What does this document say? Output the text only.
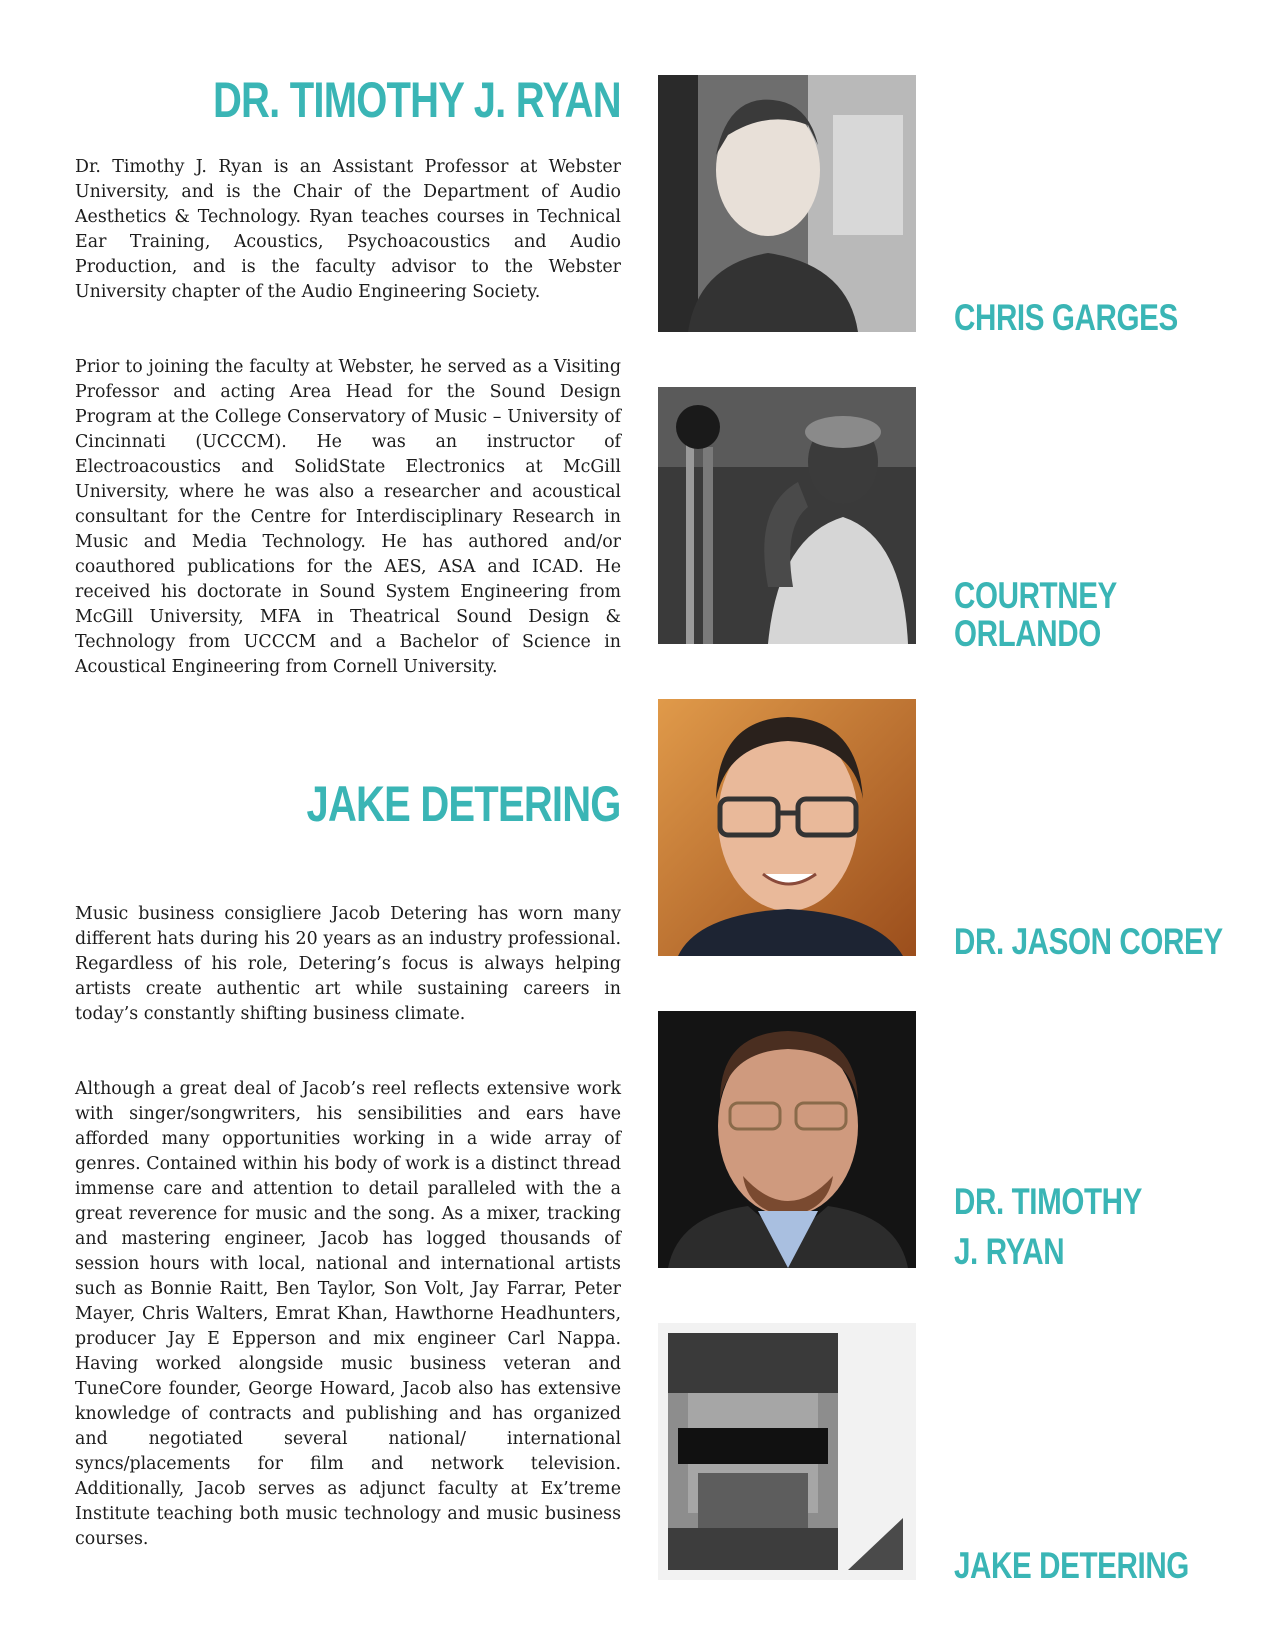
DR. TIMOTHY J. RYAN

Dr. Timothy J. Ryan is an Assistant Professor at Webster University, and is the Chair of the Department of Audio Aesthetics & Technology. Ryan teaches courses in Technical Ear Training, Acoustics, Psychoacoustics and Audio Production, and is the faculty advisor to the Webster University chapter of the Audio Engineering Society.

Prior to joining the faculty at Webster, he served as a Visiting Professor and acting Area Head for the Sound Design Program at the College Conservatory of Music – University of Cincinnati (UCCCM). He was an instructor of Electroacoustics and SolidState Electronics at McGill University, where he was also a researcher and acoustical consultant for the Centre for Interdisciplinary Research in Music and Media Technology. He has authored and/or coauthored publications for the AES, ASA and ICAD. He received his doctorate in Sound System Engineering from McGill University, MFA in Theatrical Sound Design & Technology from UCCCM and a Bachelor of Science in Acoustical Engineering from Cornell University.

JAKE DETERING

Music business consigliere Jacob Detering has worn many different hats during his 20 years as an industry professional. Regardless of his role, Detering’s focus is always helping artists create authentic art while sustaining careers in today’s constantly shifting business climate.

Although a great deal of Jacob’s reel reflects extensive work with singer/songwriters, his sensibilities and ears have afforded many opportunities working in a wide array of genres. Contained within his body of work is a distinct thread immense care and attention to detail paralleled with the a great reverence for music and the song. As a mixer, tracking and mastering engineer, Jacob has logged thousands of session hours with local, national and international artists such as Bonnie Raitt, Ben Taylor, Son Volt, Jay Farrar, Peter Mayer, Chris Walters, Emrat Khan, Hawthorne Headhunters, producer Jay E Epperson and mix engineer Carl Nappa. Having worked alongside music business veteran and TuneCore founder, George Howard, Jacob also has extensive knowledge of contracts and publishing and has organized and negotiated several national/ international syncs/placements for film and network television. Additionally, Jacob serves as adjunct faculty at Ex’treme Institute teaching both music technology and music business courses.

CHRIS GARGES
COURTNEY
ORLANDO
DR. JASON COREY
DR. TIMOTHY
J. RYAN
JAKE DETERING
